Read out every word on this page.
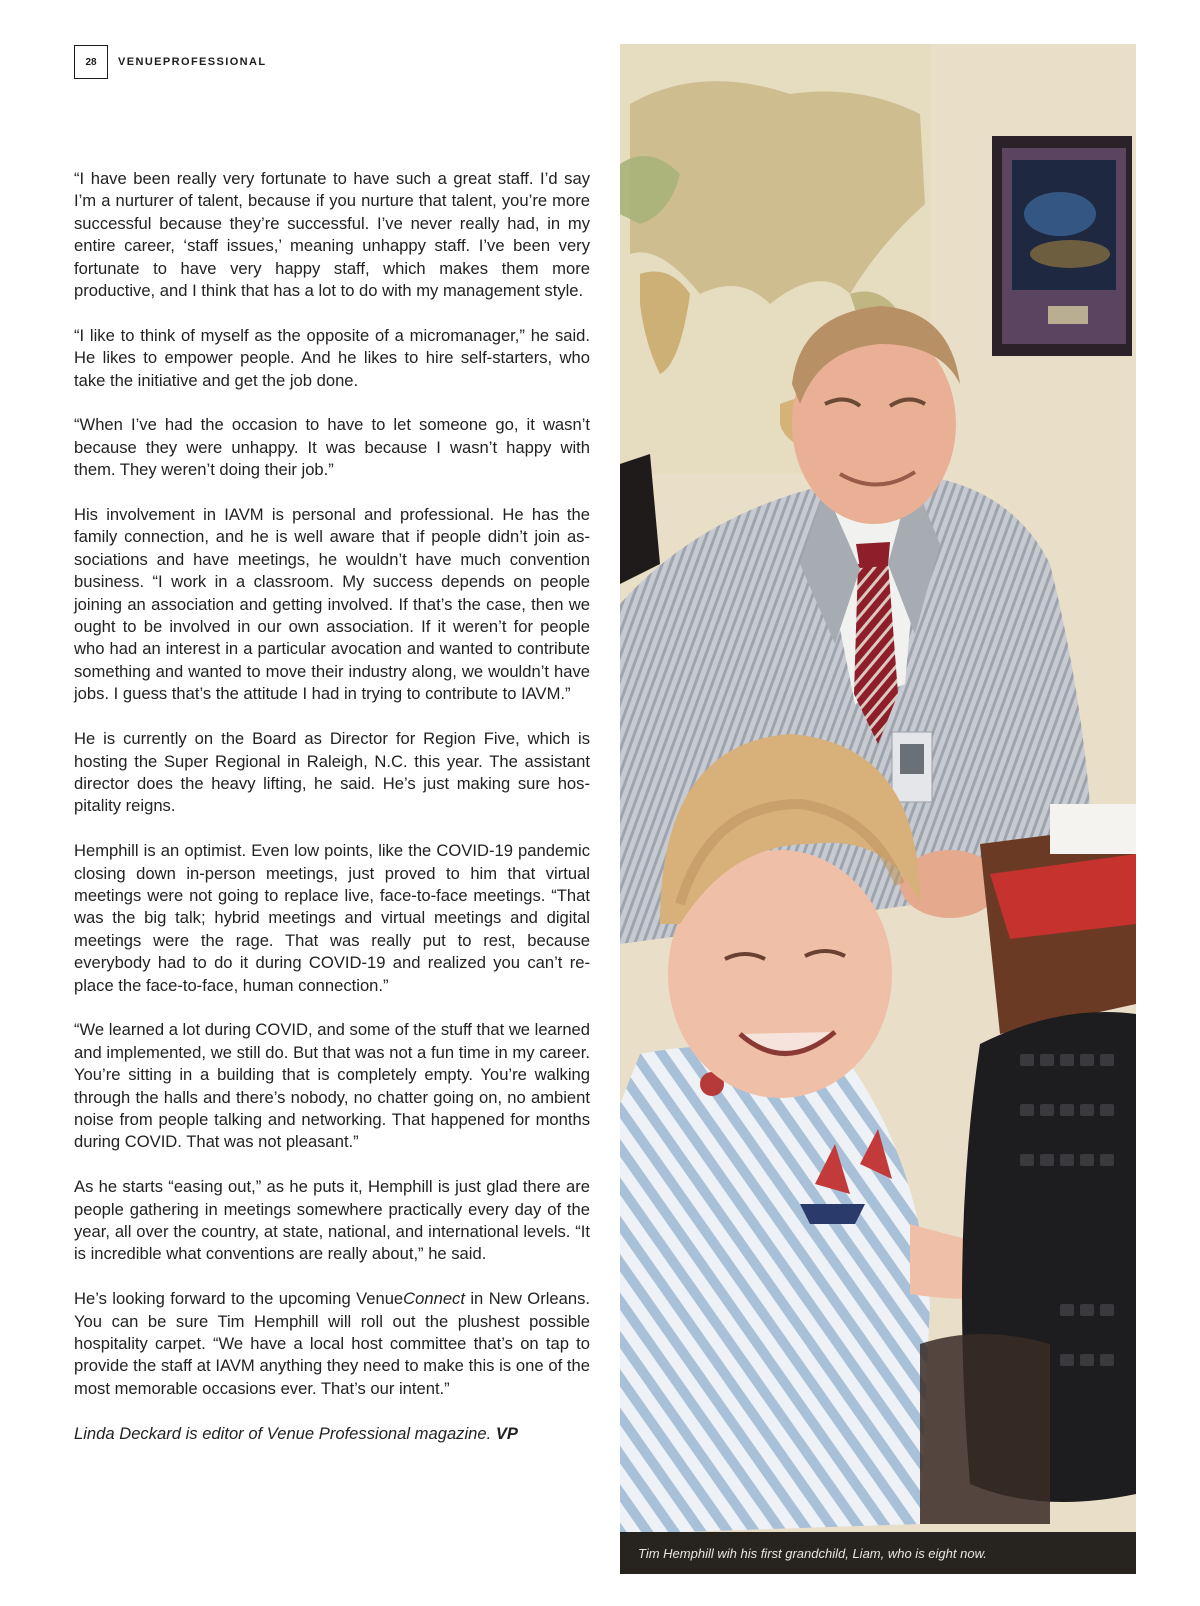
28	VENUEPROFESSIONAL

“I have been really very fortunate to have such a great staff. I’d say I’m a nurturer of talent, because if you nurture that talent, you’re more successful because they’re successful. I’ve never really had, in my entire career, ‘staff issues,’ meaning unhappy staff. I’ve been very fortunate to have very happy staff, which makes them more productive, and I think that has a lot to do with my management style.

“I like to think of myself as the opposite of a micromanager,” he said. He likes to empower people. And he likes to hire self-starters, who take the initiative and get the job done.

“When I’ve had the occasion to have to let someone go, it wasn’t because they were unhappy. It was because I wasn’t happy with them. They weren’t doing their job.”

His involvement in IAVM is personal and professional. He has the family connection, and he is well aware that if people didn’t join associations and have meetings, he wouldn’t have much convention business. “I work in a classroom. My success depends on people joining an association and getting involved. If that’s the case, then we ought to be involved in our own association. If it weren’t for people who had an interest in a particular avocation and wanted to contribute something and wanted to move their industry along, we wouldn’t have jobs. I guess that’s the attitude I had in trying to contribute to IAVM.”

He is currently on the Board as Director for Region Five, which is hosting the Super Regional in Raleigh, N.C. this year. The assistant director does the heavy lifting, he said. He’s just making sure hospitality reigns.

Hemphill is an optimist. Even low points, like the COVID-19 pandemic closing down in-person meetings, just proved to him that virtual meetings were not going to replace live, face-to-face meetings. “That was the big talk; hybrid meetings and virtual meetings and digital meetings were the rage. That was really put to rest, because everybody had to do it during COVID-19 and realized you can’t replace the face-to-face, human connection.”

“We learned a lot during COVID, and some of the stuff that we learned and implemented, we still do. But that was not a fun time in my career. You’re sitting in a building that is completely empty. You’re walking through the halls and there’s nobody, no chatter going on, no ambient noise from people talking and networking. That happened for months during COVID. That was not pleasant.”

As he starts “easing out,” as he puts it, Hemphill is just glad there are people gathering in meetings somewhere practically every day of the year, all over the country, at state, national, and international levels. “It is incredible what conventions are really about,” he said.

He’s looking forward to the upcoming VenueConnect in New Orleans. You can be sure Tim Hemphill will roll out the plushest possible hospitality carpet. “We have a local host committee that’s on tap to provide the staff at IAVM anything they need to make this is one of the most memorable occasions ever. That’s our intent.”

Linda Deckard is editor of Venue Professional magazine. VP

Tim Hemphill wih his first grandchild, Liam, who is eight now.
